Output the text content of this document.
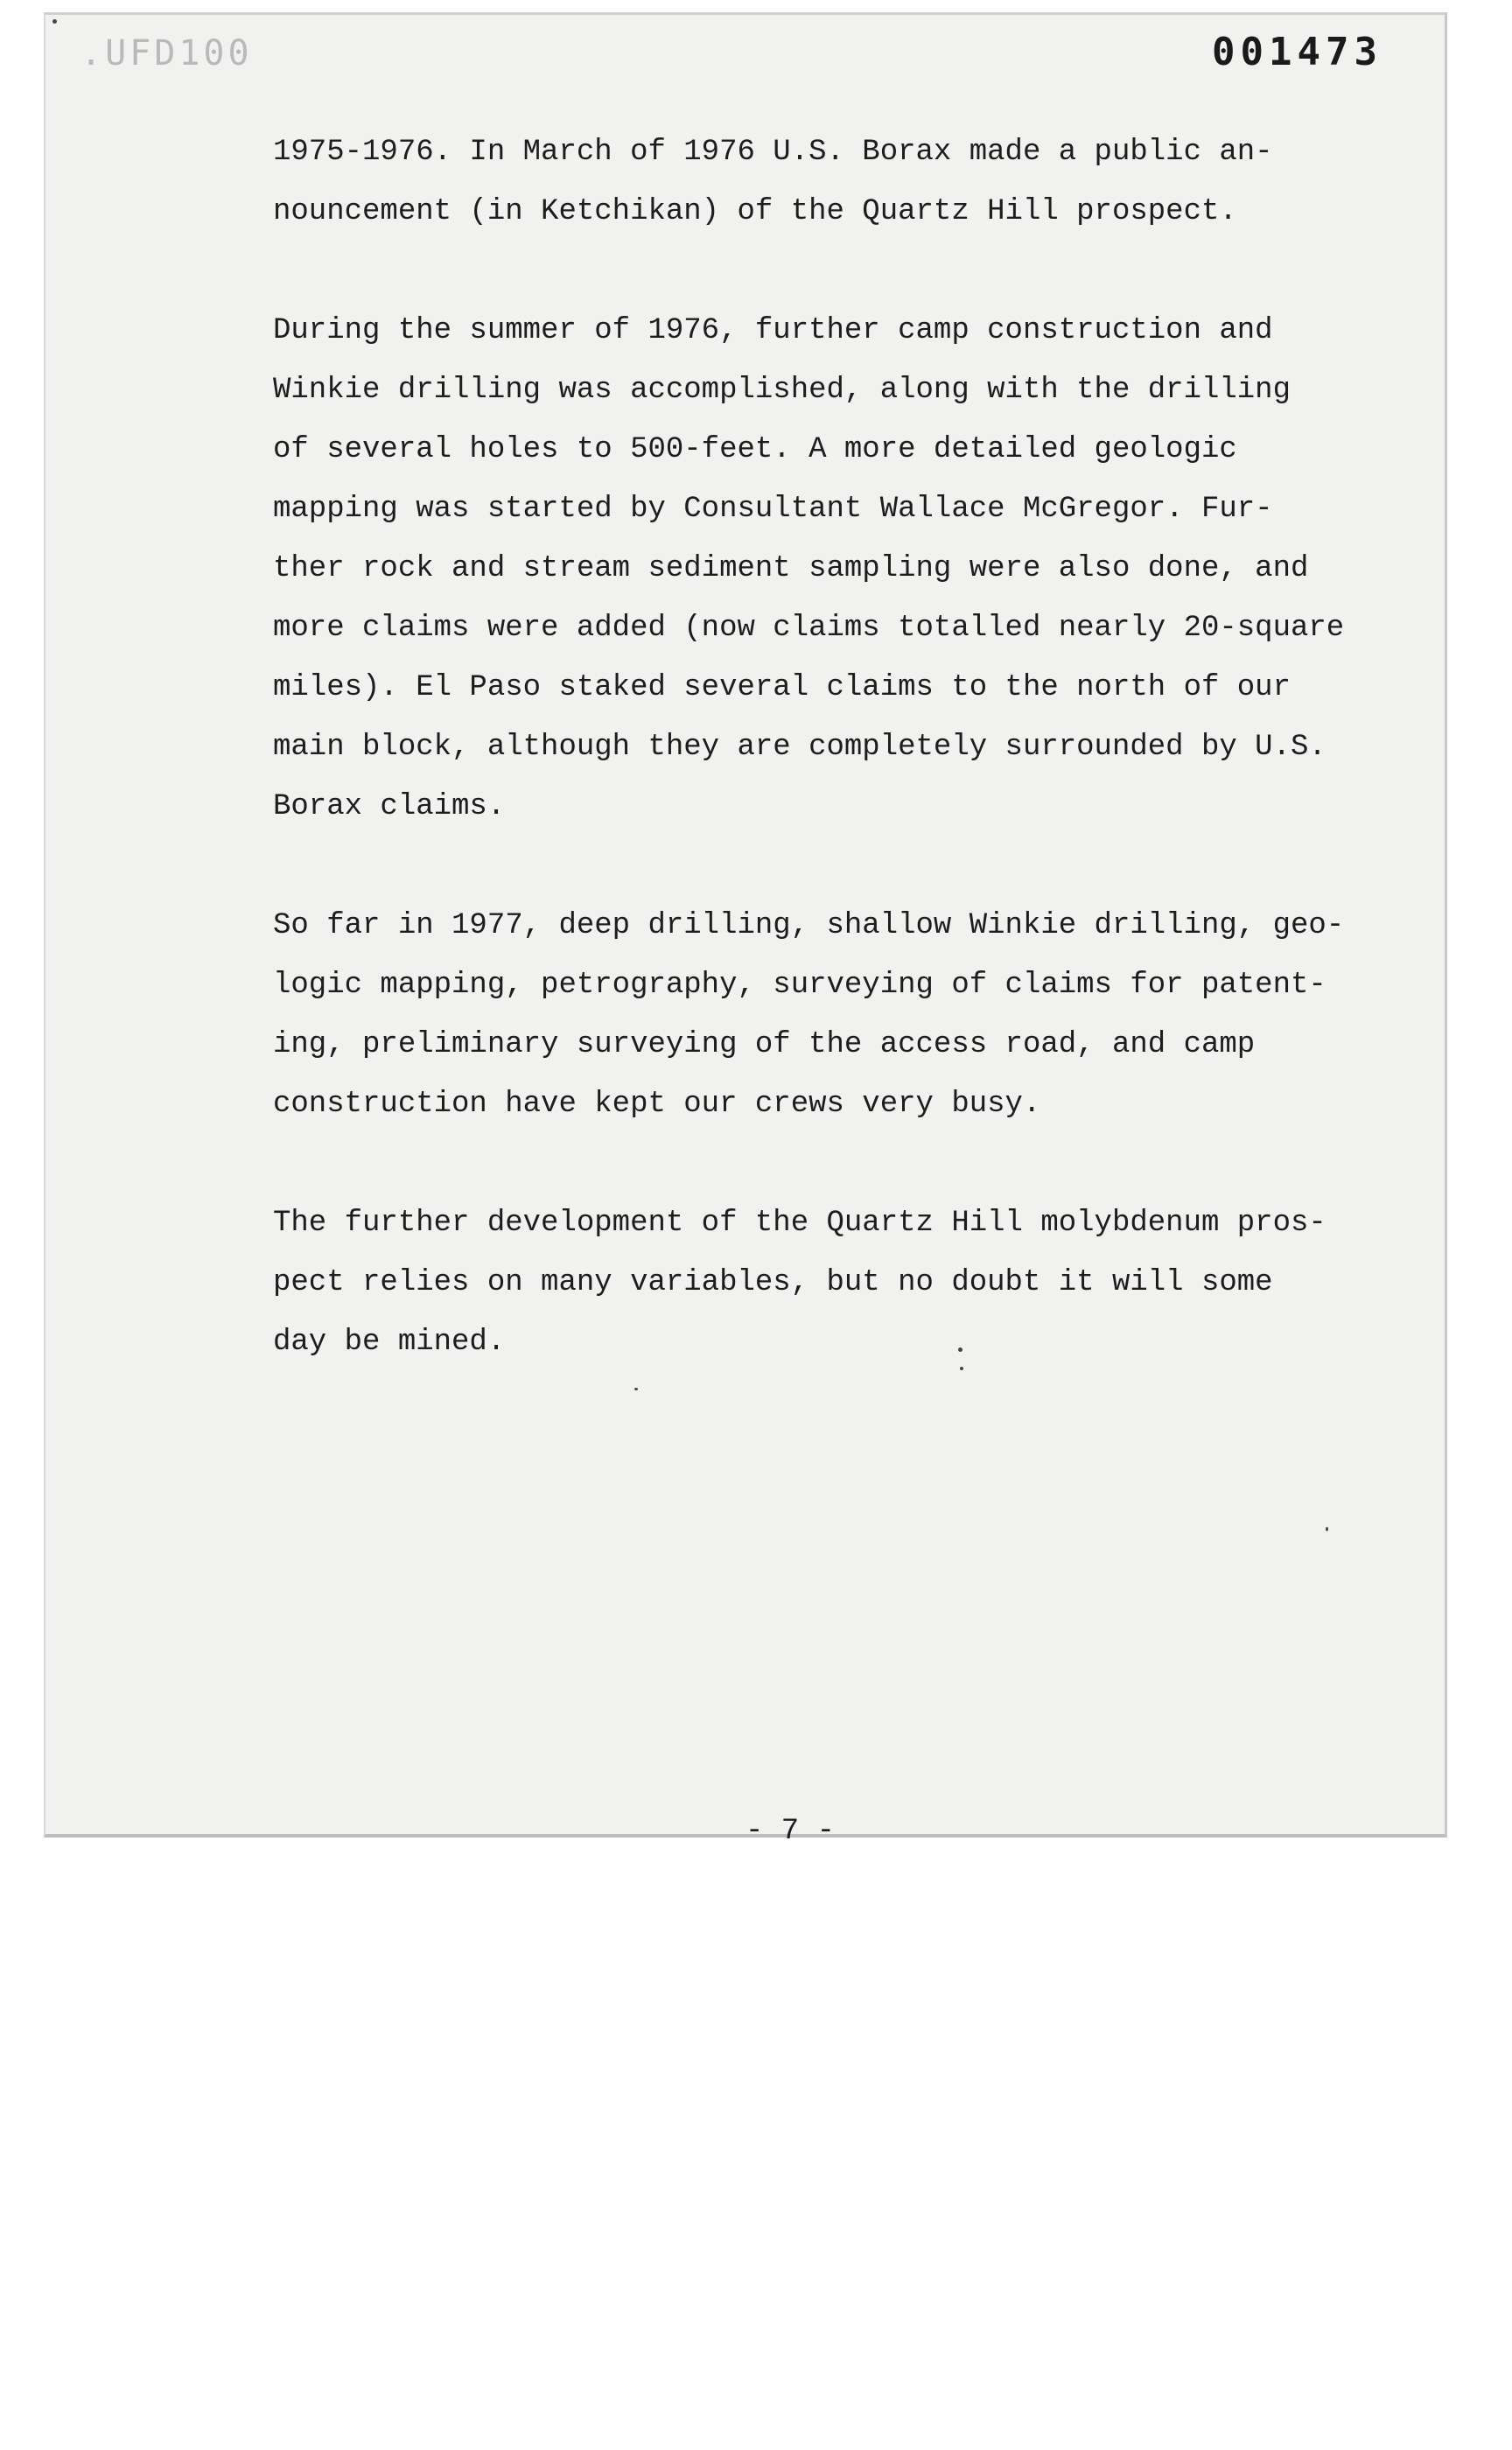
.UFD100	001473
1975-1976. In March of 1976 U.S. Borax made a public an-
nouncement (in Ketchikan) of the Quartz Hill prospect.
During the summer of 1976, further camp construction and
Winkie drilling was accomplished, along with the drilling
of several holes to 500-feet. A more detailed geologic
mapping was started by Consultant Wallace McGregor. Fur-
ther rock and stream sediment sampling were also done, and
more claims were added (now claims totalled nearly 20-square
miles). El Paso staked several claims to the north of our
main block, although they are completely surrounded by U.S.
Borax claims.
So far in 1977, deep drilling, shallow Winkie drilling, geo-
logic mapping, petrography, surveying of claims for patent-
ing, preliminary surveying of the access road, and camp
construction have kept our crews very busy.
The further development of the Quartz Hill molybdenum pros-
pect relies on many variables, but no doubt it will some
day be mined.
- 7 -
